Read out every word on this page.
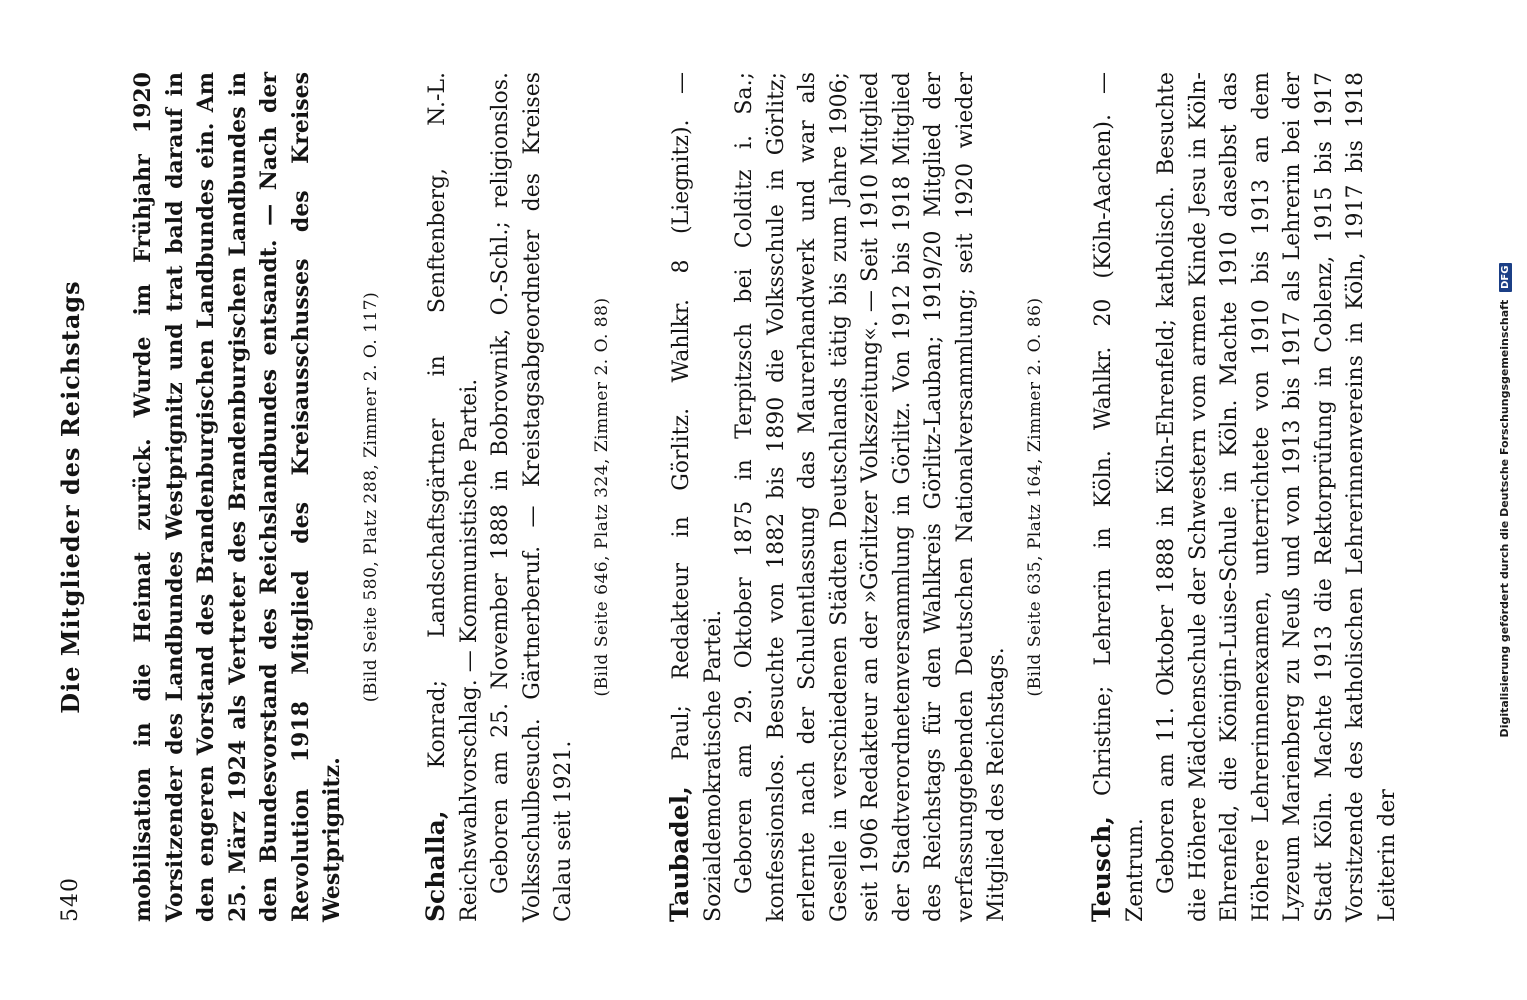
540
Die Mitglieder des Reichstags mobilisation in die Heimat zurück. Wurde im Frühjahr 1920 Vorsitzender des Landbundes Westprignitz und trat bald darauf in den engeren Vorstand des Brandenburgischen Landbundes ein. Am 25. März 1924 als Vertreter des Brandenburgischen Landbundes in den Bundesvorstand des Reichslandbundes entsandt. — Nach der Revolution 1918 Mitglied des Kreisausschusses des Kreises Westprignitz.

(Bild Seite 580, Platz 288, Zimmer 2. O. 117)

Schalla, Konrad; Landschaftsgärtner in Senftenberg, N.-L. Reichswahlvorschlag. — Kommunistische Partei. Geboren am 25. November 1888 in Bobrownik, O.-Schl.; religionslos. Volksschulbesuch. Gärtnerberuf. — Kreistagsabgeordneter des Kreises Calau seit 1921.

(Bild Seite 646, Platz 324, Zimmer 2. O. 88)

Taubadel, Paul; Redakteur in Görlitz. Wahlkr. 8 (Liegnitz). — Sozialdemokratische Partei. Geboren am 29. Oktober 1875 in Terpitzsch bei Colditz i. Sa.; konfessionslos. Besuchte von 1882 bis 1890 die Volksschule in Görlitz; erlernte nach der Schulentlassung das Maurerhandwerk und war als Geselle in verschiedenen Städten Deutschlands tätig bis zum Jahre 1906; seit 1906 Redakteur an der »Görlitzer Volkszeitung«. — Seit 1910 Mitglied der Stadtverordnetenversammlung in Görlitz. Von 1912 bis 1918 Mitglied des Reichstags für den Wahlkreis Görlitz-Lauban; 1919/20 Mitglied der verfassunggebenden Deutschen Nationalversammlung; seit 1920 wieder Mitglied des Reichstags.

(Bild Seite 635, Platz 164, Zimmer 2. O. 86)

Teusch, Christine; Lehrerin in Köln. Wahlkr. 20 (Köln-Aachen). — Zentrum. Geboren am 11. Oktober 1888 in Köln-Ehrenfeld; katholisch. Besuchte die Höhere Mädchenschule der Schwestern vom armen Kinde Jesu in Köln-Ehrenfeld, die Königin-Luise-Schule in Köln. Machte 1910 daselbst das Höhere Lehrerinnenexamen, unterrichtete von 1910 bis 1913 an dem Lyzeum Marienberg zu Neuß und von 1913 bis 1917 als Lehrerin bei der Stadt Köln. Machte 1913 die Rektorprüfung in Coblenz, 1915 bis 1917 Vorsitzende des katholischen Lehrerinnenvereins in Köln, 1917 bis 1918 Leiterin der

Digitalisierung gefördert durch die Deutsche Forschungsgemeinschaft DFG
